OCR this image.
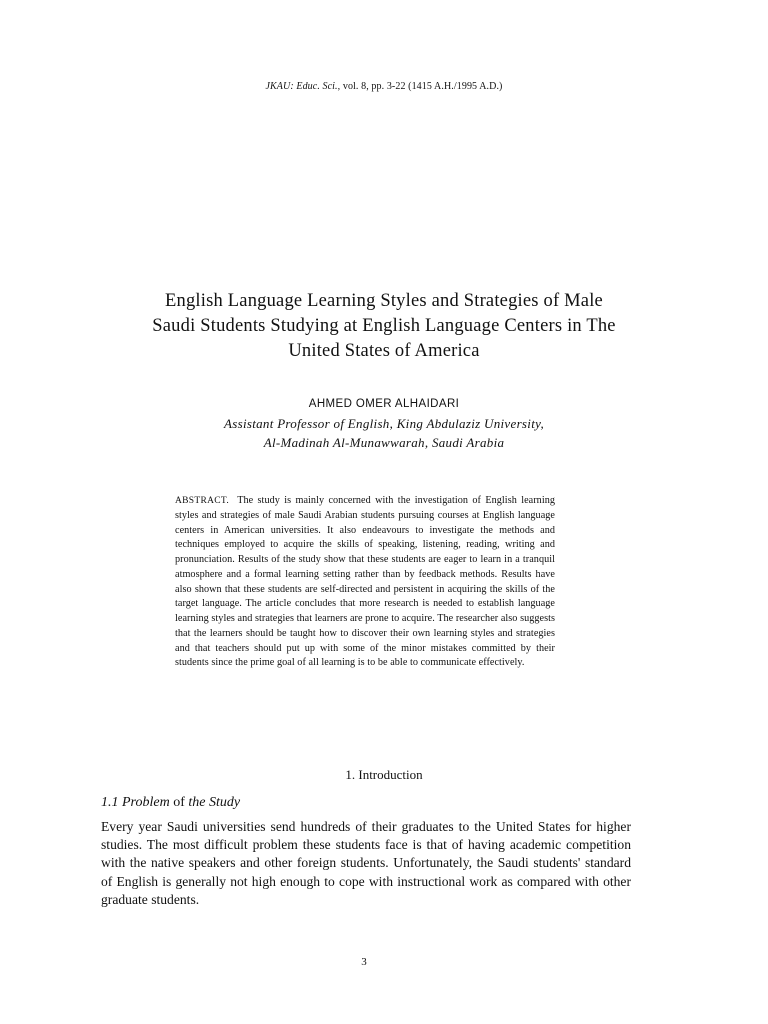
JKAU: Educ. Sci., vol. 8, pp. 3-22 (1415 A.H./1995 A.D.)
English Language Learning Styles and Strategies of Male
Saudi Students Studying at English Language Centers in The
United States of America
AHMED OMER ALHAIDARI
Assistant Professor of English, King Abdulaziz University,
Al-Madinah Al-Munawwarah, Saudi Arabia
ABSTRACT. The study is mainly concerned with the investigation of English learning styles and strategies of male Saudi Arabian students pursuing courses at English language centers in American universities. It also endeavours to investigate the methods and techniques employed to acquire the skills of speaking, listening, reading, writing and pronunciation. Results of the study show that these students are eager to learn in a tranquil atmosphere and a formal learning setting rather than by feedback methods. Results have also shown that these students are self-directed and persistent in acquiring the skills of the target language. The article concludes that more research is needed to establish language learning styles and strategies that learners are prone to acquire. The researcher also suggests that the learners should be taught how to discover their own learning styles and strategies and that teachers should put up with some of the minor mistakes committed by their students since the prime goal of all learning is to be able to communicate effectively.
1. Introduction
1.1 Problem of the Study

Every year Saudi universities send hundreds of their graduates to the United States for higher studies. The most difficult problem these students face is that of having academic competition with the native speakers and other foreign students. Unfortunately, the Saudi students' standard of English is generally not high enough to cope with instructional work as compared with other graduate students.

3
